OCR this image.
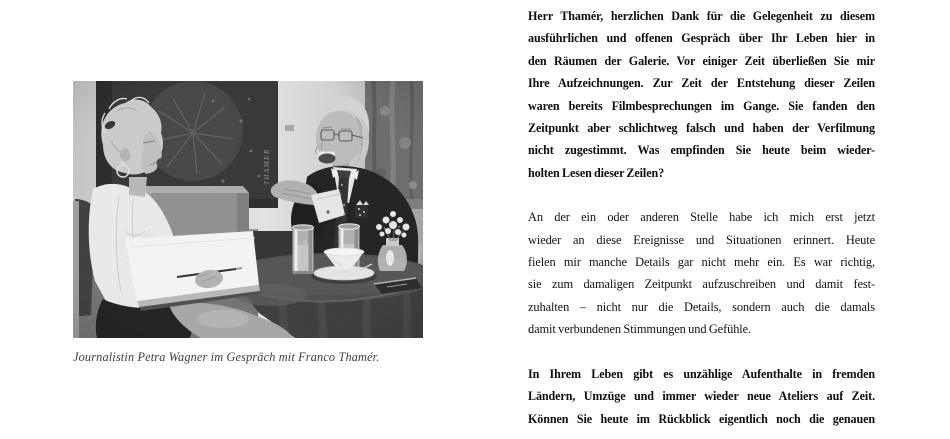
Journalistin Petra Wagner im Gespräch mit Franco Thamér.
Herr Thamér, herzlichen Dank für die Gelegenheit zu diesem
ausführlichen und offenen Gespräch über Ihr Leben hier in
den Räumen der Galerie. Vor einiger Zeit überließen Sie mir
Ihre Aufzeichnungen. Zur Zeit der Entstehung dieser Zeilen
waren bereits Filmbesprechungen im Gange. Sie fanden den
Zeitpunkt aber schlichtweg falsch und haben der Verfilmung
nicht zugestimmt. Was empfinden Sie heute beim wieder-
holten Lesen dieser Zeilen?
An der ein oder anderen Stelle habe ich mich erst jetzt
wieder an diese Ereignisse und Situationen erinnert. Heute
fielen mir manche Details gar nicht mehr ein. Es war richtig,
sie zum damaligen Zeitpunkt aufzuschreiben und damit fest-
zuhalten – nicht nur die Details, sondern auch die damals
damit verbundenen Stimmungen und Gefühle.
In Ihrem Leben gibt es unzählige Aufenthalte in fremden
Ländern, Umzüge und immer wieder neue Ateliers auf Zeit.
Können Sie heute im Rückblick eigentlich noch die genauen
